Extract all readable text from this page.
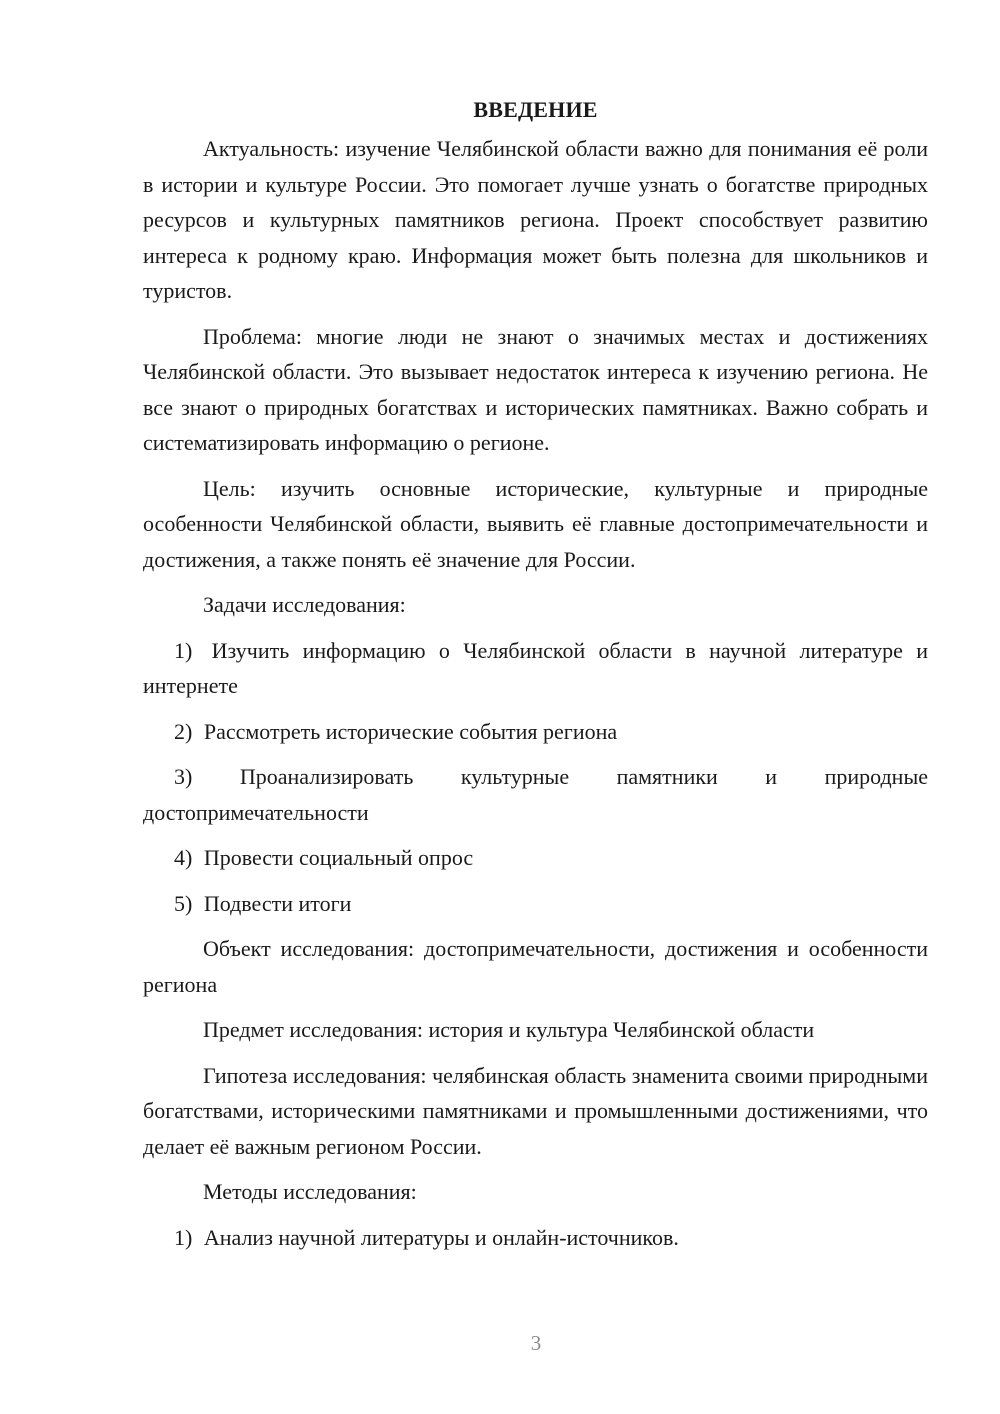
ВВЕДЕНИЕ

Актуальность: изучение Челябинской области важно для понимания её роли в истории и культуре России. Это помогает лучше узнать о богатстве природных ресурсов и культурных памятников региона. Проект способствует развитию интереса к родному краю. Информация может быть полезна для школьников и туристов.

Проблема: многие люди не знают о значимых местах и достижениях Челябинской области. Это вызывает недостаток интереса к изучению региона. Не все знают о природных богатствах и исторических памятниках. Важно собрать и систематизировать информацию о регионе.

Цель: изучить основные исторические, культурные и природные особенности Челябинской области, выявить её главные достопримечательности и достижения, а также понять её значение для России.

Задачи исследования:

1) Изучить информацию о Челябинской области в научной литературе и интернете

2) Рассмотреть исторические события региона

3) Проанализировать культурные памятники и природные достопримечательности

4) Провести социальный опрос

5) Подвести итоги

Объект исследования: достопримечательности, достижения и особенности региона

Предмет исследования: история и культура Челябинской области

Гипотеза исследования: челябинская область знаменита своими природными богатствами, историческими памятниками и промышленными достижениями, что делает её важным регионом России.

Методы исследования:

1) Анализ научной литературы и онлайн-источников.

3
